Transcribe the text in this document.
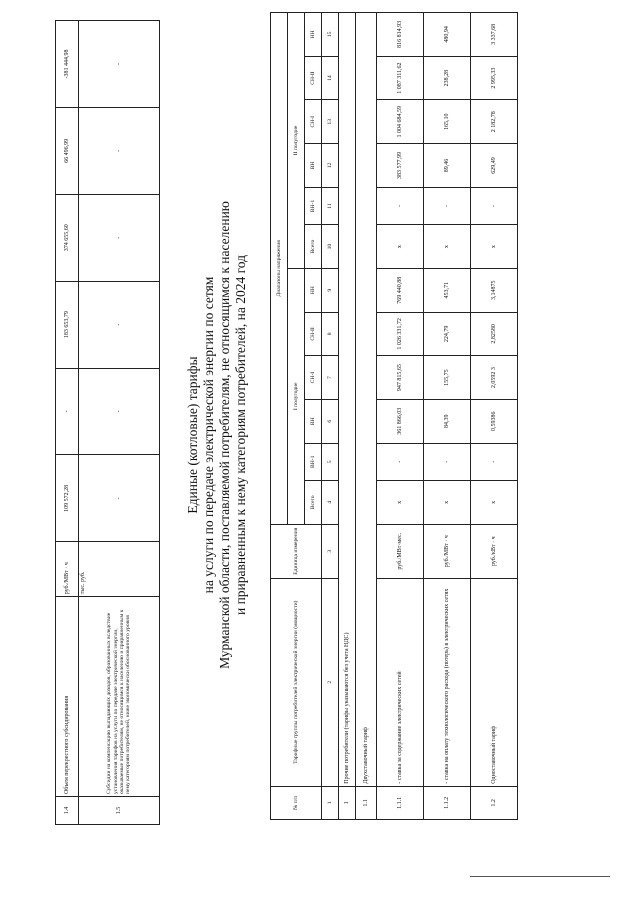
1.4	Объем перекрестного субсидирования	руб./МВт · ч	109 572,28	-	183 653,79	374 655,60	66 496,99	-381 444,98
1.5	Субсидии на компенсацию выпадающих доходов, образованных вследствие установления тарифов на услуги по передаче электрической энергии, оказываемые потребителям, не относящимся к населению и приравненным к нему категориям потребителей, ниже экономически обоснованного уровня	тыс. руб.	-	-	-	-	-	-
Единые (котловые) тарифы на услуги по передаче электрической энергии по сетям Мурманской области, поставляемой потребителям, не относящимся к населению и приравненным к нему категориям потребителей, на 2024 год
№ п/п	Тарифные группы потребителей электрической энергии (мощности)	Единица измерения	Диапазоны напряжения											
			I полугодие						II полугодие					
			Всего	ВН-1	ВН	СН-I	СН-II	НН	Всего	ВН-1	ВН	СН-I	СН-II	НН
1	2	3	4	5	6	7	8	9	10	11	12	13	14	15
1	Прочие потребители (тарифы указываются без учета НДС)													
1.1	Двухставочный тариф													
1.1.1	- ставка за содержание электрических сетей	руб./МВт·мес.	x	-	361 866,03	947 815,65	1 026 331,72	769 440,88	x	-	383 577,99	1 004 684,59	1 087 311,62	816 814,93
1.1.2	- ставка на оплату технологического расхода (потерь) в электрических сетях	руб./МВт · ч	x	-	84,39	155,75	224,79	453,71	x	-	89,46	165,10	238,28	480,94
1.2	Одноставочный тариф	руб./кВт · ч	x	-	0,59386	2,0592 3	2,82580	3,14875	x	-	629,49	2 182,78	2 995,33	3 337,68
